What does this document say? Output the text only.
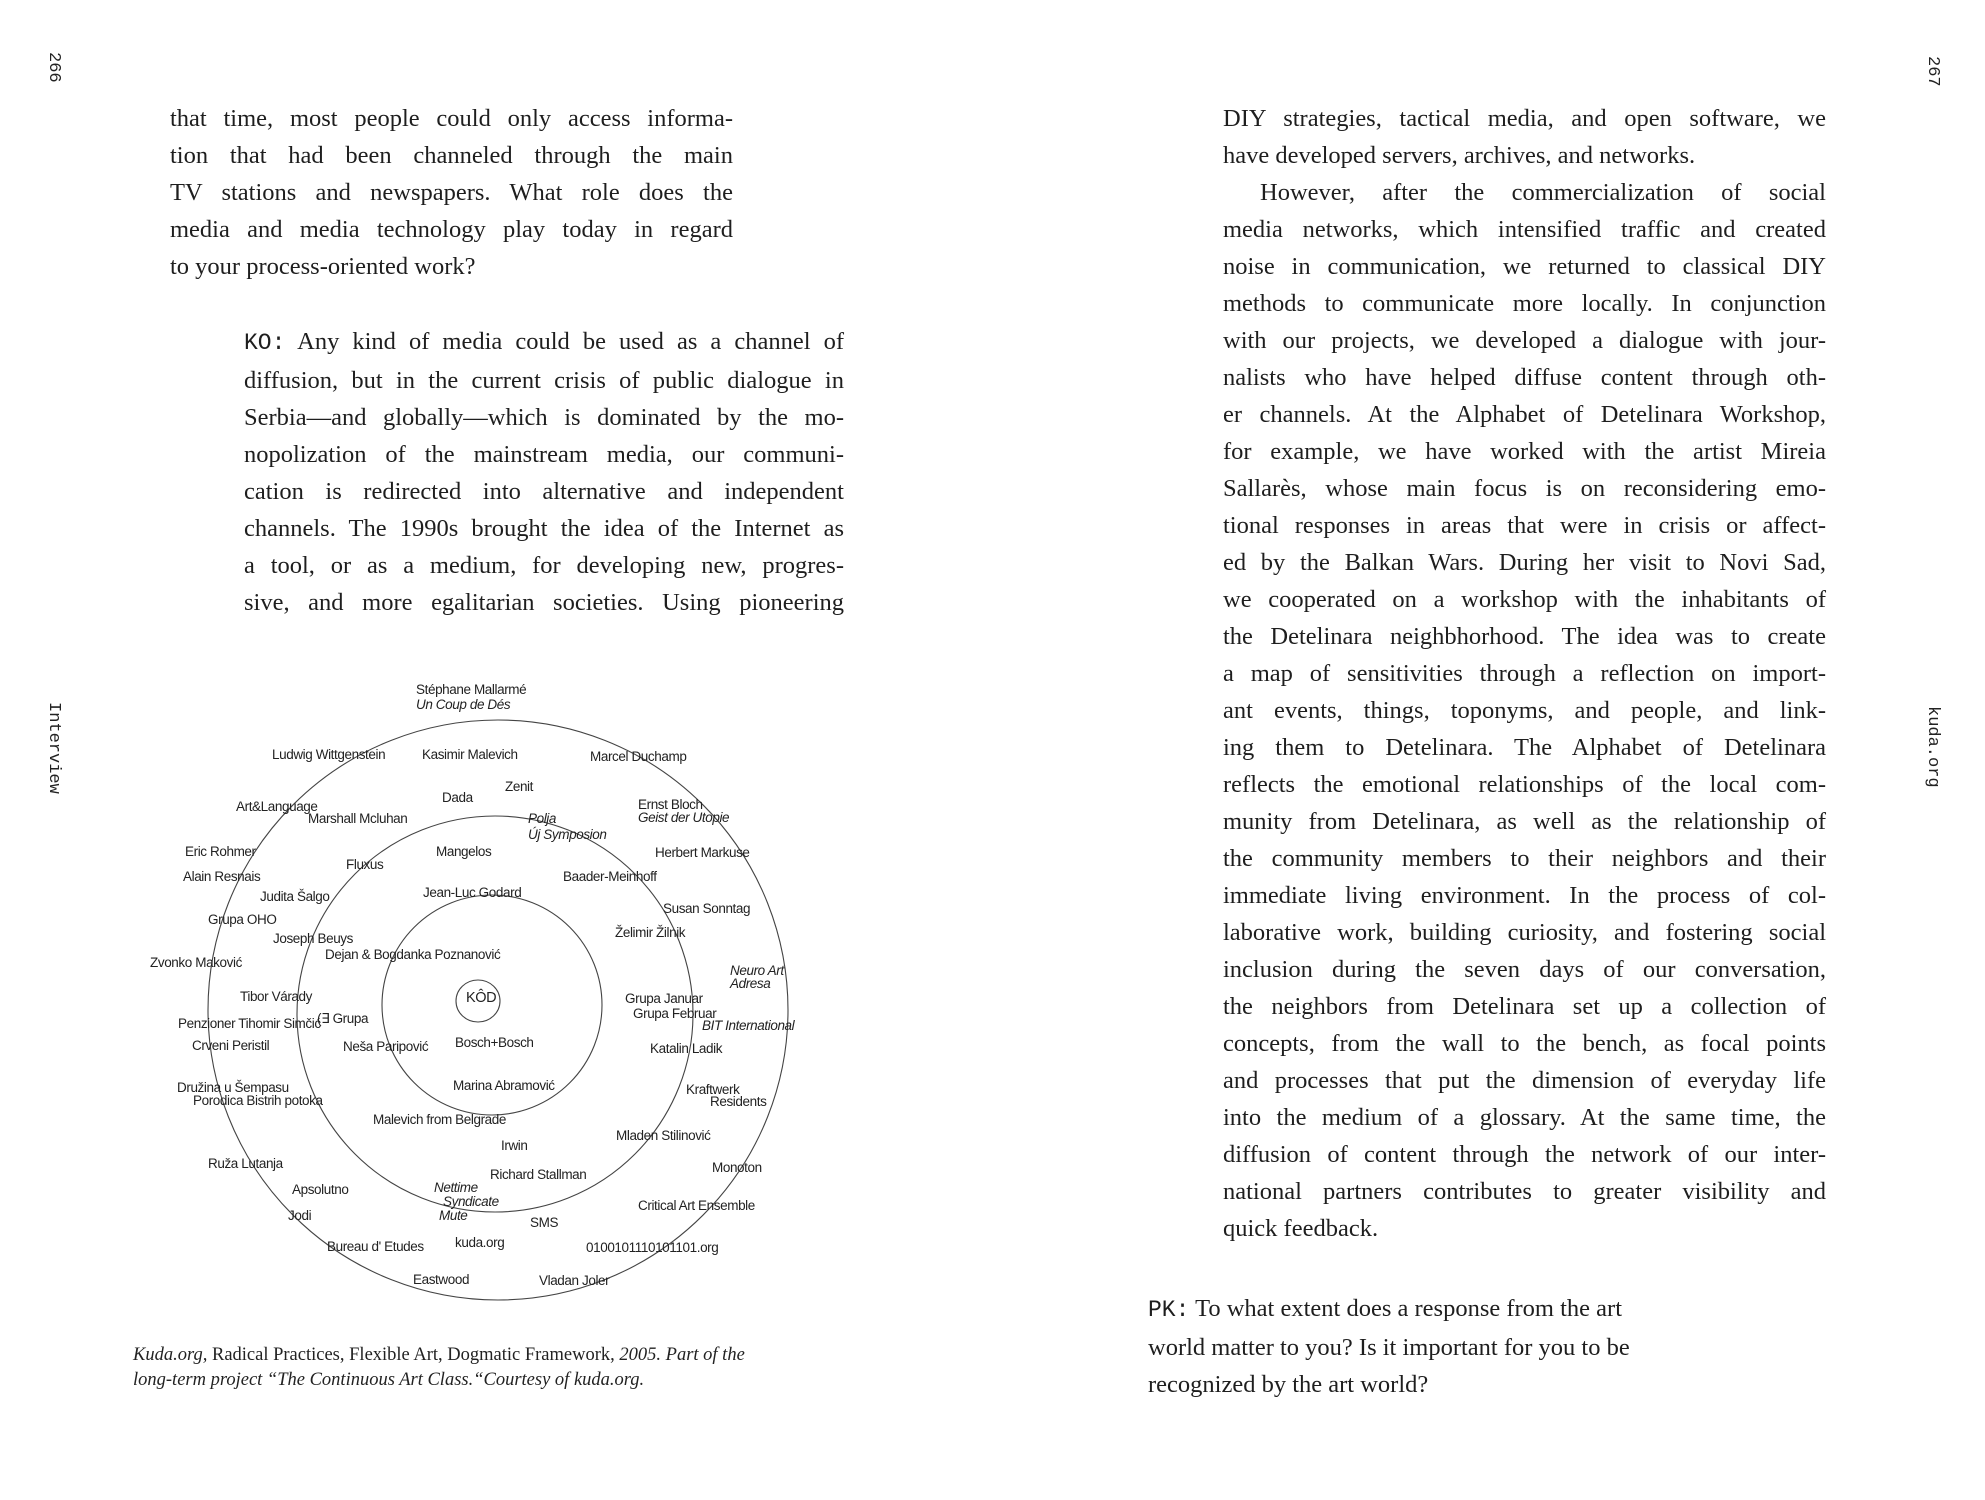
266
Interview
267
kuda.org
that time, most people could only access informa-
tion that had been channeled through the main
TV stations and newspapers. What role does the
media and media technology play today in regard
to your process-oriented work?
KO: Any kind of media could be used as a channel of
diffusion, but in the current crisis of public dialogue in
Serbia—and globally—which is dominated by the mo-
nopolization of the mainstream media, our communi-
cation is redirected into alternative and independent
channels. The 1990s brought the idea of the Internet as
a tool, or as a medium, for developing new, progres-
sive, and more egalitarian societies. Using pioneering
KÔD
Stéphane Mallarmé
Un Coup de Dés
Ludwig Wittgenstein	Kasimir Malevich	Marcel Duchamp
Zenit
Dada
Art&Language
Marshall Mcluhan	Polja
Új Symposion
Ernst Bloch
Geist der Utopie
Eric Rohmer	Mangelos	Herbert Markuse
Fluxus
Alain Resnais	Baader-Meinhoff
Judita Šalgo	Jean-Luc Godard
Susan Sonntag
Grupa OHO
Joseph Beuys	Želimir Žilnik
Dejan & Bogdanka Poznanović
Zvonko Maković
Neuro Art
Adresa
Tibor Várady	Grupa Januar
(∃ Grupa	Grupa Februar
Penzioner Tihomir Simčić	BIT International
Bosch+Bosch
Crveni Peristil	Neša Paripović	Katalin Ladik
Marina Abramović
Družina u Šempasu	Kraftwerk
Porodica Bistrih potoka	Residents
Malevich from Belgrade
Mladen Stilinović
Irwin
Ruža Lutanja	Monoton
Richard Stallman
Apsolutno	Nettime
Syndicate	Critical Art Ensemble
Jodi	Mute	SMS
Bureau d' Etudes kuda.org	0100101110101101.org
Eastwood	Vladan Joler
Kuda.org, Radical Practices, Flexible Art, Dogmatic Framework, 2005. Part of the
long-term project “The Continuous Art Class.“Courtesy of kuda.org.
DIY strategies, tactical media, and open software, we
have developed servers, archives, and networks.
However, after the commercialization of social
media networks, which intensified traffic and created
noise in communication, we returned to classical DIY
methods to communicate more locally. In conjunction
with our projects, we developed a dialogue with jour-
nalists who have helped diffuse content through oth-
er channels. At the Alphabet of Detelinara Workshop,
for example, we have worked with the artist Mireia
Sallarès, whose main focus is on reconsidering emo-
tional responses in areas that were in crisis or affect-
ed by the Balkan Wars. During her visit to Novi Sad,
we cooperated on a workshop with the inhabitants of
the Detelinara neighbhorhood. The idea was to create
a map of sensitivities through a reflection on import-
ant events, things, toponyms, and people, and link-
ing them to Detelinara. The Alphabet of Detelinara
reflects the emotional relationships of the local com-
munity from Detelinara, as well as the relationship of
the community members to their neighbors and their
immediate living environment. In the process of col-
laborative work, building curiosity, and fostering social
inclusion during the seven days of our conversation,
the neighbors from Detelinara set up a collection of
concepts, from the wall to the bench, as focal points
and processes that put the dimension of everyday life
into the medium of a glossary. At the same time, the
diffusion of content through the network of our inter-
national partners contributes to greater visibility and
quick feedback.
PK: To what extent does a response from the art
world matter to you? Is it important for you to be
recognized by the art world?
